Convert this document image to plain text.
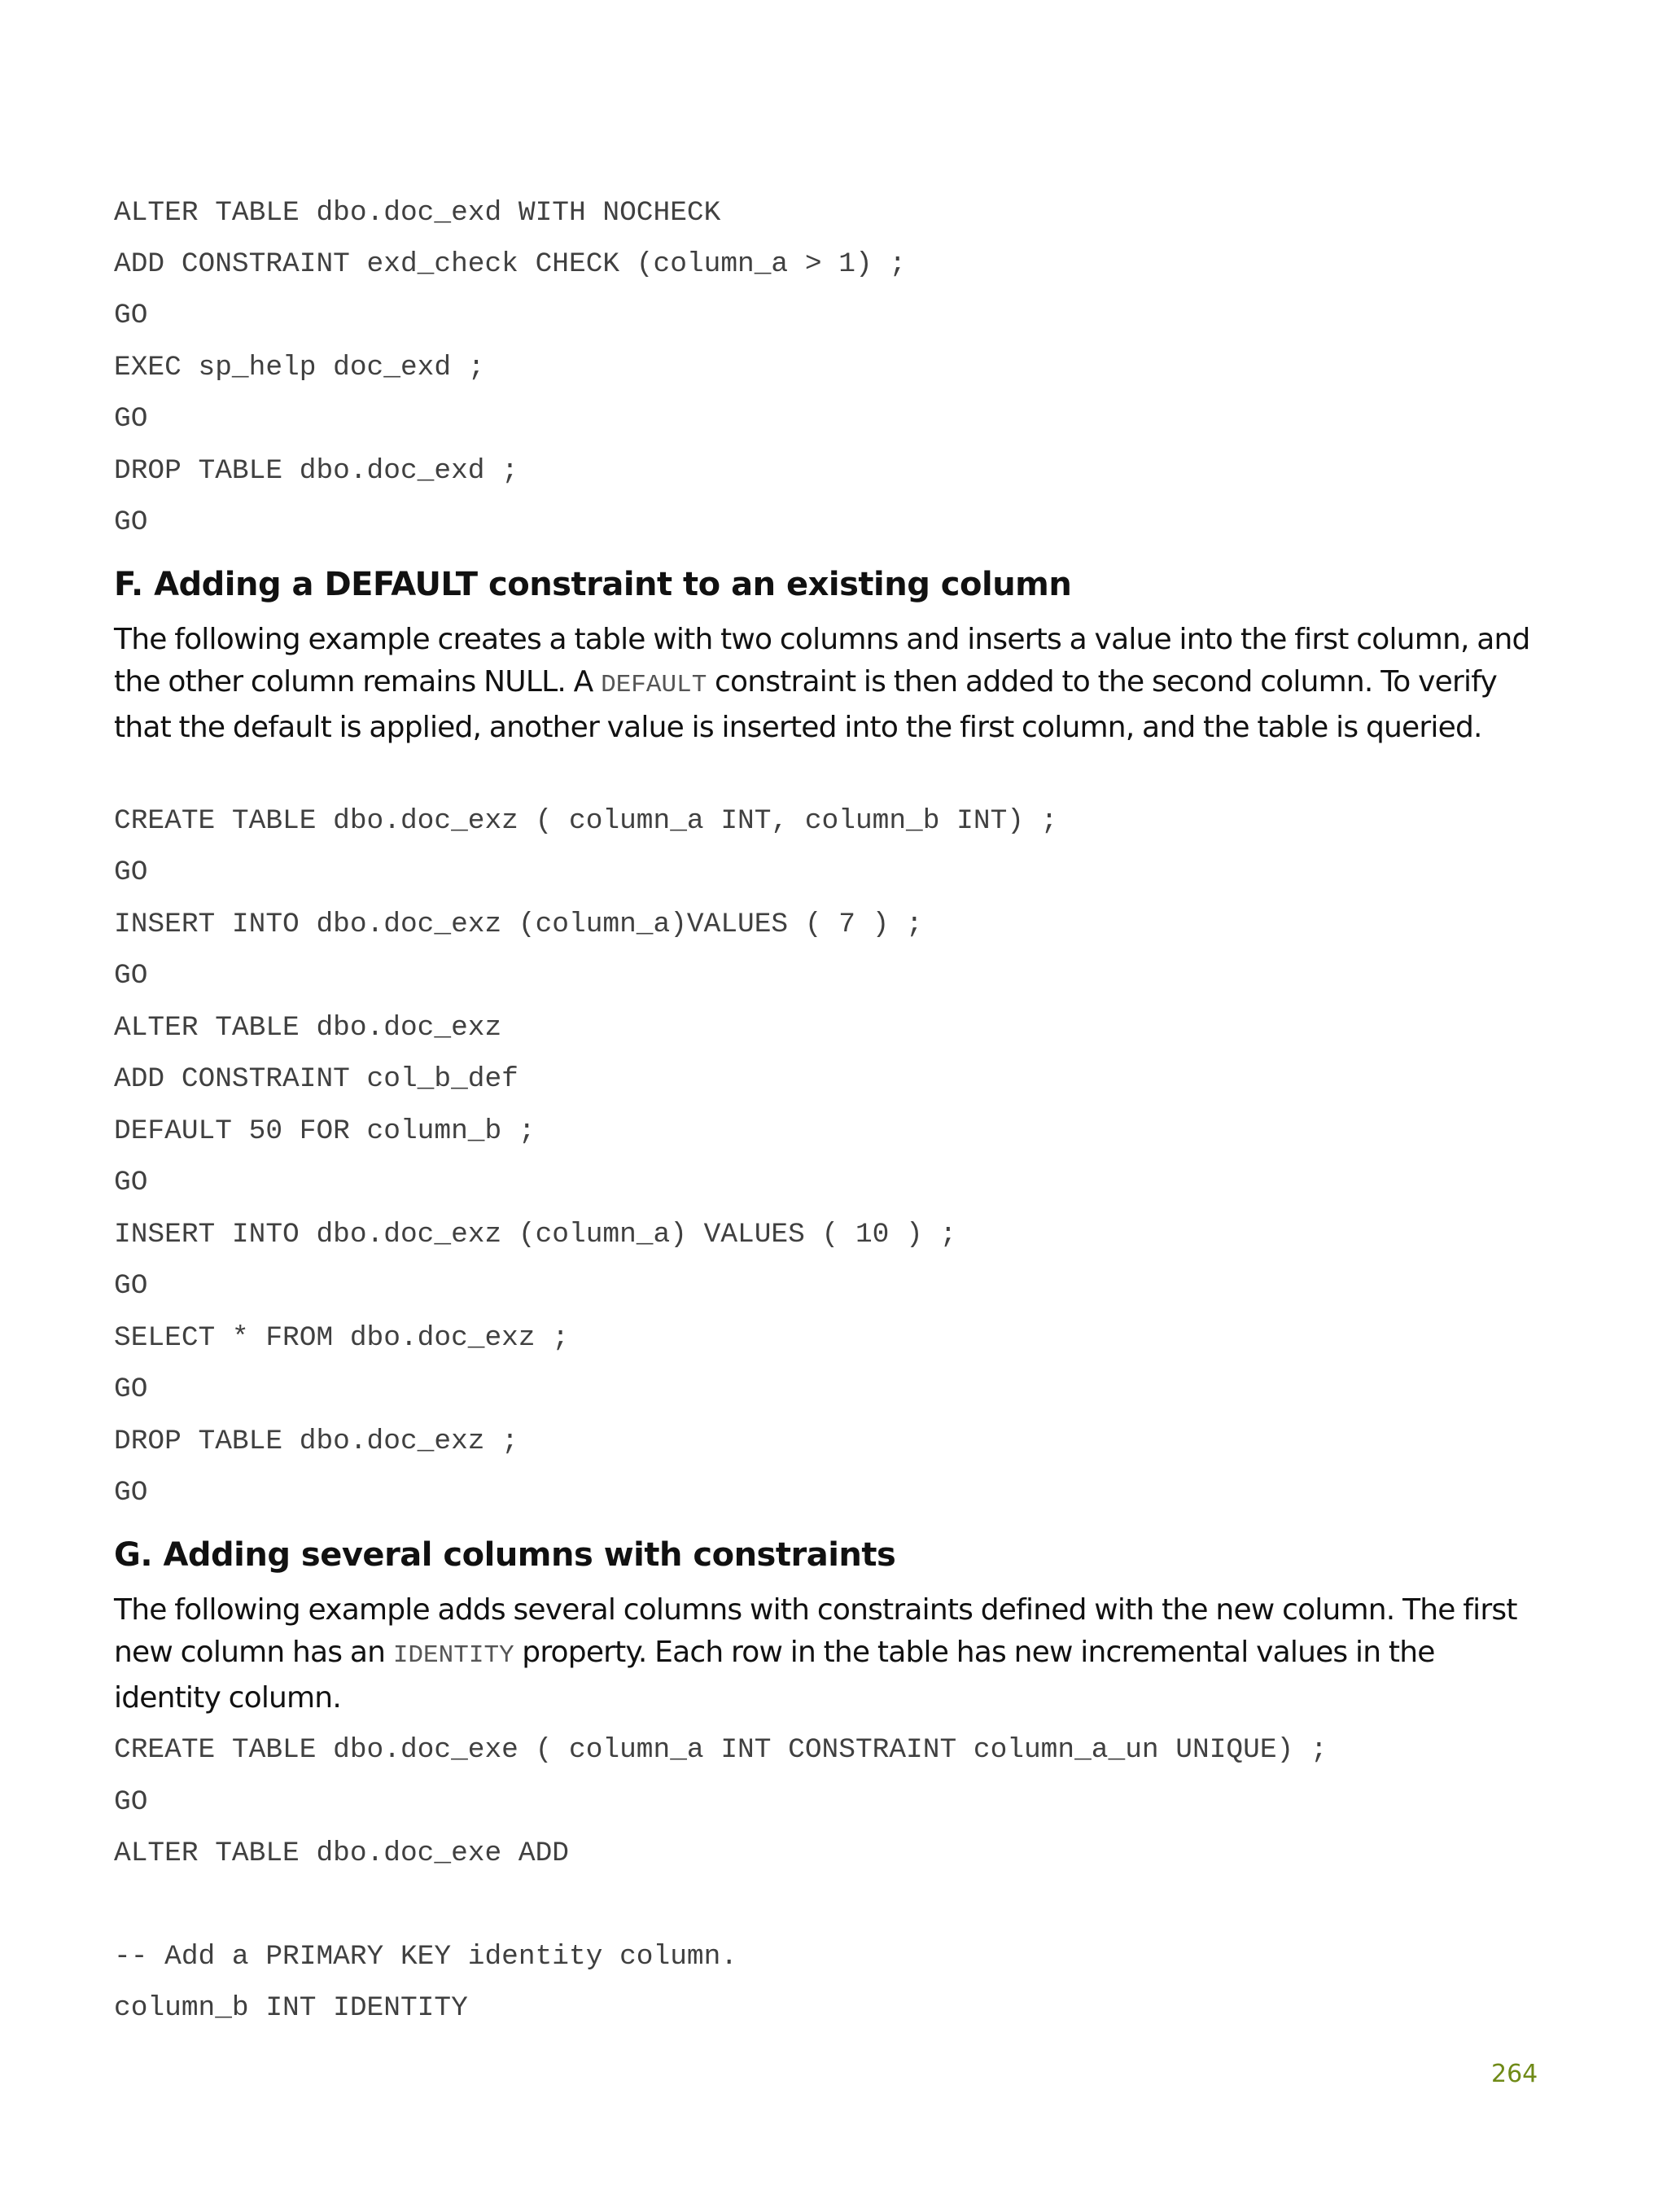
ALTER TABLE dbo.doc_exd WITH NOCHECK

ADD CONSTRAINT exd_check CHECK (column_a > 1) ;

GO

EXEC sp_help doc_exd ;

GO

DROP TABLE dbo.doc_exd ;

GO

F. Adding a DEFAULT constraint to an existing column

The following example creates a table with two columns and inserts a value into the first column, and the other column remains NULL. A DEFAULT constraint is then added to the second column. To verify that the default is applied, another value is inserted into the first column, and the table is queried.

CREATE TABLE dbo.doc_exz ( column_a INT, column_b INT) ;

GO

INSERT INTO dbo.doc_exz (column_a)VALUES ( 7 ) ;

GO

ALTER TABLE dbo.doc_exz

ADD CONSTRAINT col_b_def

DEFAULT 50 FOR column_b ;

GO

INSERT INTO dbo.doc_exz (column_a) VALUES ( 10 ) ;

GO

SELECT * FROM dbo.doc_exz ;

GO

DROP TABLE dbo.doc_exz ;

GO

G. Adding several columns with constraints

The following example adds several columns with constraints defined with the new column. The first new column has an IDENTITY property. Each row in the table has new incremental values in the identity column.

CREATE TABLE dbo.doc_exe ( column_a INT CONSTRAINT column_a_un UNIQUE) ;

GO

ALTER TABLE dbo.doc_exe ADD

-- Add a PRIMARY KEY identity column.

column_b INT IDENTITY

264
